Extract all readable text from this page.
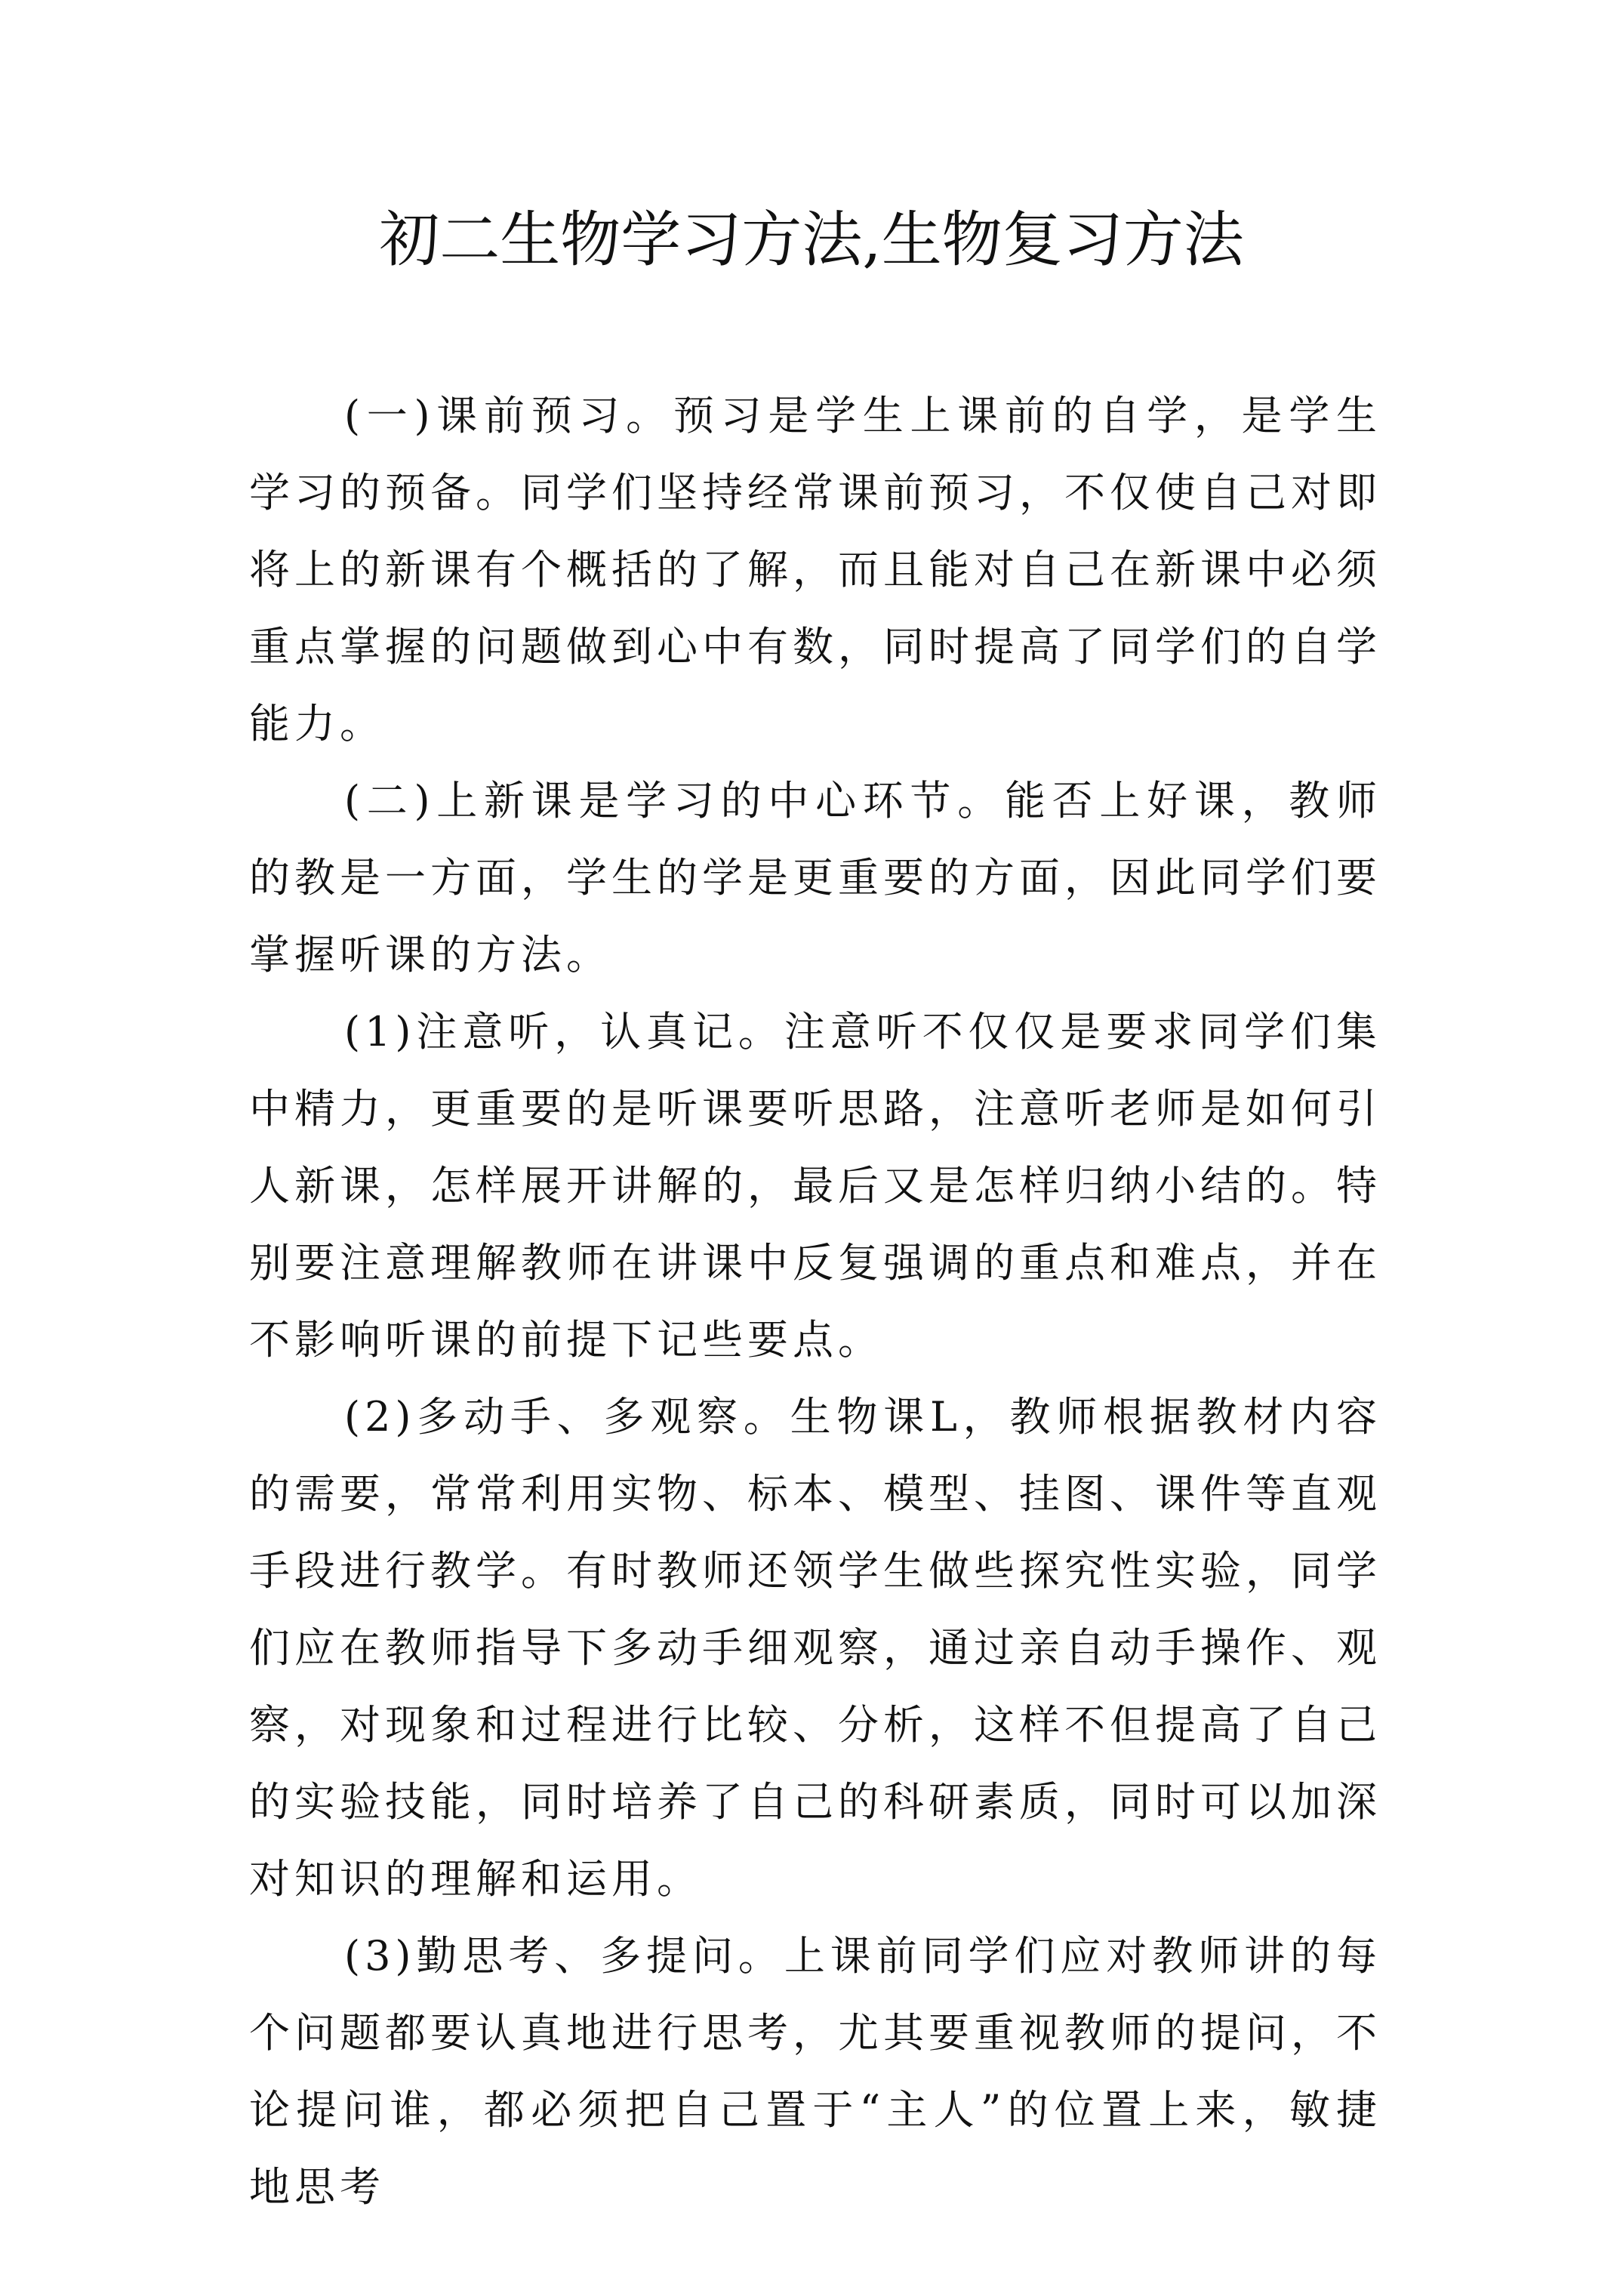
初二生物学习方法,生物复习方法

(一)课前预习。预习是学生上课前的自学，是学生学习的预备。同学们坚持经常课前预习，不仅使自己对即将上的新课有个概括的了解，而且能对自己在新课中必须重点掌握的问题做到心中有数，同时提高了同学们的自学能力。

(二)上新课是学习的中心环节。能否上好课，教师的教是一方面，学生的学是更重要的方面，因此同学们要掌握听课的方法。

(1)注意听，认真记。注意听不仅仅是要求同学们集中精力，更重要的是听课要听思路，注意听老师是如何引人新课，怎样展开讲解的，最后又是怎样归纳小结的。特别要注意理解教师在讲课中反复强调的重点和难点，并在不影响听课的前提下记些要点。

(2)多动手、多观察。生物课L，教师根据教材内容的需要，常常利用实物、标本、模型、挂图、课件等直观手段进行教学。有时教师还领学生做些探究性实验，同学们应在教师指导下多动手细观察，通过亲自动手操作、观察，对现象和过程进行比较、分析，这样不但提高了自己的实验技能，同时培养了自己的科研素质，同时可以加深对知识的理解和运用。

(3)勤思考、多提问。上课前同学们应对教师讲的每个问题都要认真地进行思考，尤其要重视教师的提问，不论提问谁，都必须把自己置于“主人”的位置上来，敏捷地思考
